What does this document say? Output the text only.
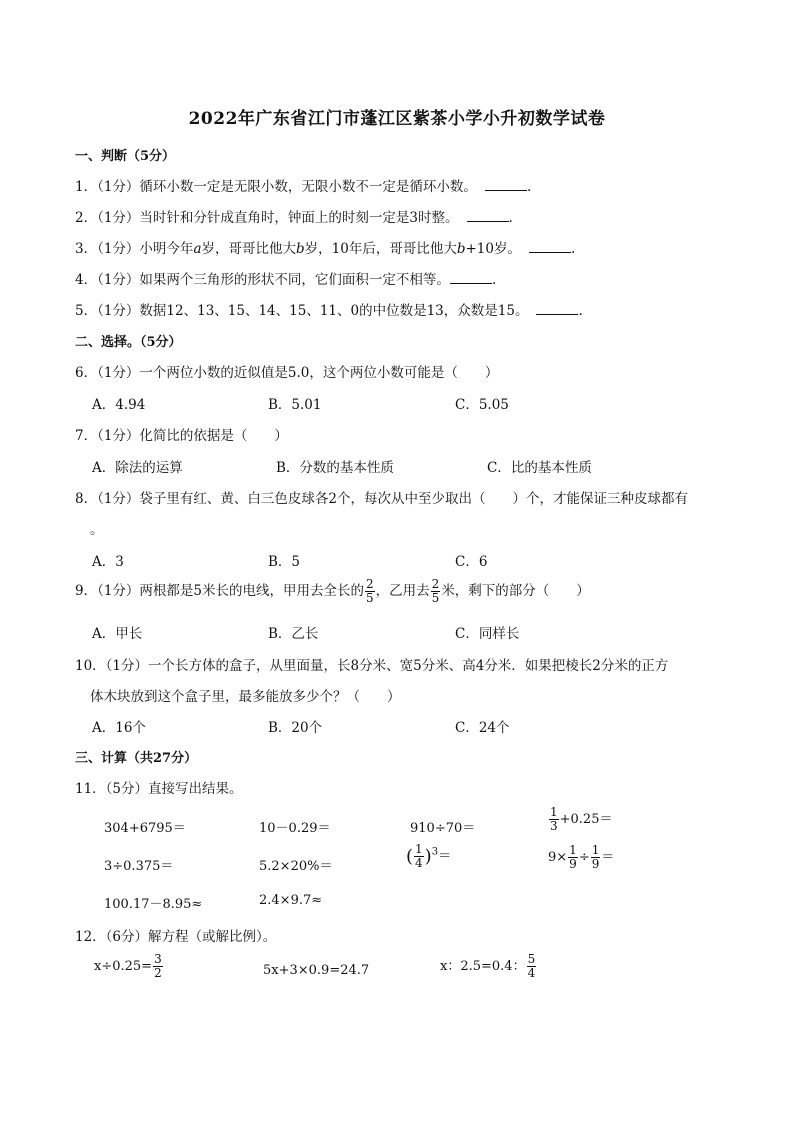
2022年广东省江门市蓬江区紫茶小学小升初数学试卷
一、判断（5分）
1．（1分）循环小数一定是无限小数，无限小数不一定是循环小数。	.
2．（1分）当时针和分针成直角时，钟面上的时刻一定是3时整。	.
3．（1分）小明今年a岁，哥哥比他大b岁，10年后，哥哥比他大b+10岁。	.
4．（1分）如果两个三角形的形状不同，它们面积一定不相等。	.
5．（1分）数据12、13、15、14、15、11、0的中位数是13，众数是15。	.
二、选择。（5分）
6．（1分）一个两位小数的近似值是5.0，这个两位小数可能是（　　）
A．4.94	B．5.01	C．5.05
7．（1分）化简比的依据是（　　）
A．除法的运算	B．分数的基本性质	C．比的基本性质
8．（1分）袋子里有红、黄、白三色皮球各2个，每次从中至少取出（　　）个，才能保证三种皮球都有
。
A．3	B．5	C．6
9．（1分）两根都是5米长的电线，甲用去全长的 $\frac{2}{5}$ ，乙用去 $\frac{2}{5}$ 米，剩下的部分（　　）
A．甲长	B．乙长	C．同样长
10．（1分）一个长方体的盒子，从里面量，长8分米、宽5分米、高4分米．如果把棱长2分米的正方
体木块放到这个盒子里，最多能放多少个？（　　）
A．16个	B．20个	C．24个
三、计算（共27分）
11．（5分）直接写出结果。
304+6795＝	10－0.29＝	910÷70＝	$\frac{1}{3} +0.25=$
3÷0.375＝	5.2×20%＝	( $\frac{1}{4} )^3=$	$9\times \frac{1}{9} \div \frac{1}{9}$ ＝
100.17－8.95≈	2.4×9.7≈
12．（6分）解方程（或解比例）。
$x\div 0.25= \frac{3}{2}$	5x+3×0.9=24.7	x：2.5=0.4： $\frac{5}{4}$
